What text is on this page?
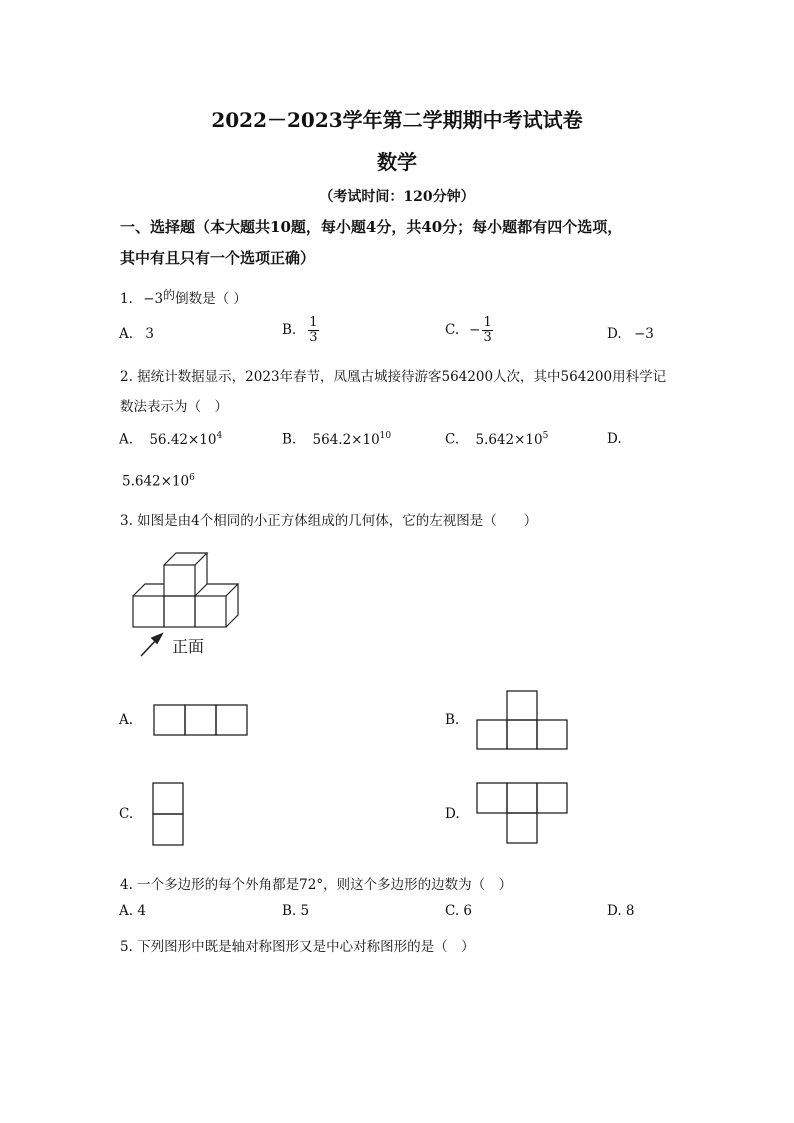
2022－2023学年第二学期期中考试试卷
数学
（考试时间：120分钟）
一、选择题（本大题共10题，每小题4分，共40分；每小题都有四个选项，
其中有且只有一个选项正确）
1. $-3^的$倒数是（ ）
A. 3	B. $\frac{1}{3}$	C. − $\frac{1}{3}$	D. −3
2. 据统计数据显示，2023年春节，凤凰古城接待游客564200人次，其中564200用科学记
数法表示为（　）
A. $56.42\times 10^4$	B. $564.2\times 10^{10}$	C. $5.642\times 10^5$	D.
$5.642\times 10^6$
3. 如图是由4个相同的小正方体组成的几何体，它的左视图是（　　）
正面
A.	B.
C.	D.
4. 一个多边形的每个外角都是72°，则这个多边形的边数为（　）
A. 4	B. 5	C. 6	D. 8
5. 下列图形中既是轴对称图形又是中心对称图形的是（　）
